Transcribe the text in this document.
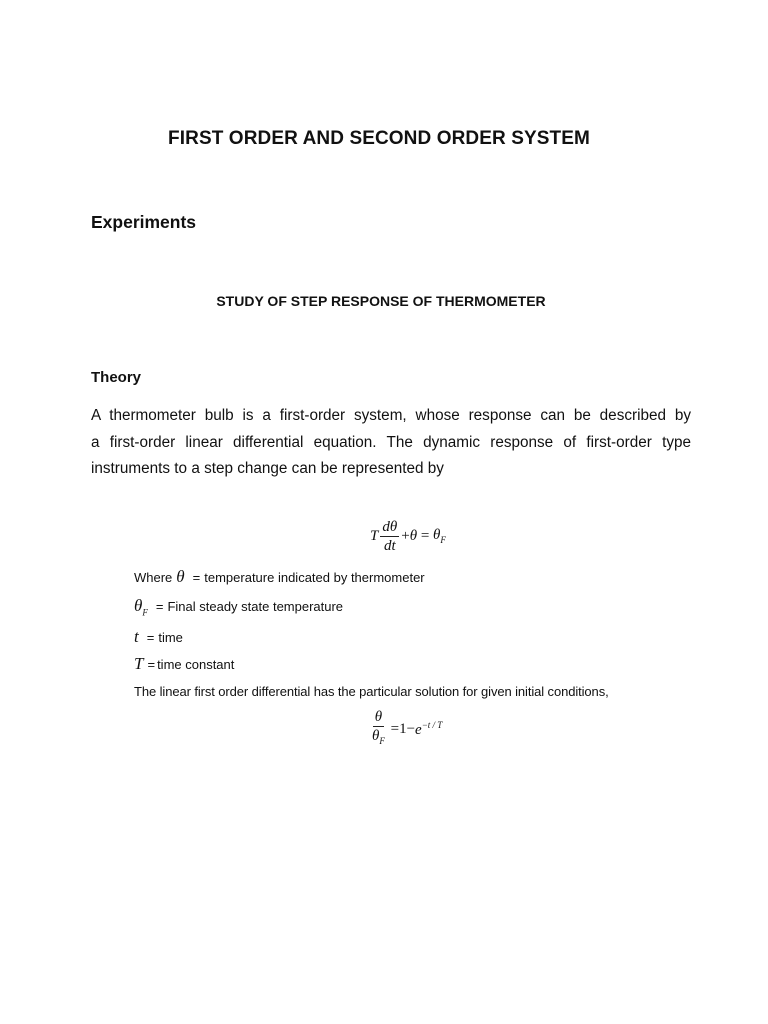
FIRST ORDER AND SECOND ORDER SYSTEM
Experiments
STUDY OF STEP RESPONSE OF THERMOMETER
Theory

A thermometer bulb is a first-order system, whose response can be described by
a first-order linear differential equation. The dynamic response of first-order type
instruments to a step change can be represented by

T $\frac{d\theta}{dt} + \theta = \theta_F$
Where θ = temperature indicated by thermometer
$\theta_F$ = Final steady state temperature
t = time
T = time constant
The linear first order differential has the particular solution for given initial conditions,
$\frac{\theta}{\theta_F} =1- e^{-t / T}$
